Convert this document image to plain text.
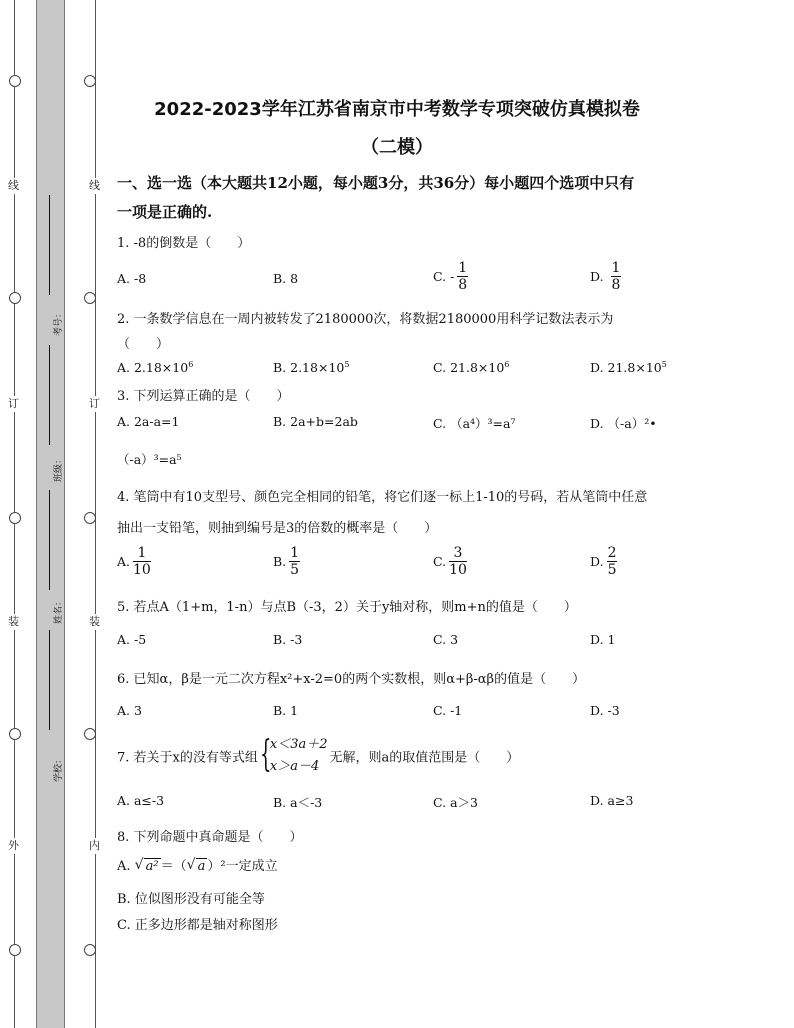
线
订
装
外
线
订
装
内
考号：
班级：
姓名：
学校：
2022-2023学年江苏省南京市中考数学专项突破仿真模拟卷
（二模）
一、选一选（本大题共12小题，每小题3分，共36分）每小题四个选项中只有
一项是正确的.
1. -8的倒数是（　　）
A. -8	B. 8	C. - $\frac{1}{8}$	D. $\frac{1}{8}$
2. 一条数学信息在一周内被转发了2180000次，将数据2180000用科学记数法表示为
（　　）
A. $2.18\times 10^6$	B. $2.18\times 10^5$	C. $21.8\times 10^6$	D. $21.8\times 10^5$
3. 下列运算正确的是（　　）
A. 2a-a=1	B. 2a+b=2ab	C. （a⁴）³=a⁷	D. （-a）²•
（-a）³=a⁵
4. 笔筒中有10支型号、颜色完全相同的铅笔，将它们逐一标上1-10的号码，若从笔筒中任意
抽出一支铅笔，则抽到编号是3的倍数的概率是（　　）
A. $\frac{1}{10}$	B. $\frac{1}{5}$	C. $\frac{3}{10}$	D. $\frac{2}{5}$
5. 若点A（1+m，1-n）与点B（-3，2）关于y轴对称，则m+n的值是（　　）
A. -5	B. -3	C. 3	D. 1
6. 已知α，β是一元二次方程x²+x-2=0的两个实数根，则α+β-αβ的值是（　　）
A. 3	B. 1	C. -1	D. -3
7. 若关于x的没有等式组 {
x＜3a＋2
x＞a－4
无解，则a的取值范围是（　　）
A. a≤-3	B. a＜-3	C. a＞3	D. a≥3
8. 下列命题中真命题是（　　）
A. √ a² ＝（ √ a ）²一定成立
B. 位似图形没有可能全等
C. 正多边形都是轴对称图形
